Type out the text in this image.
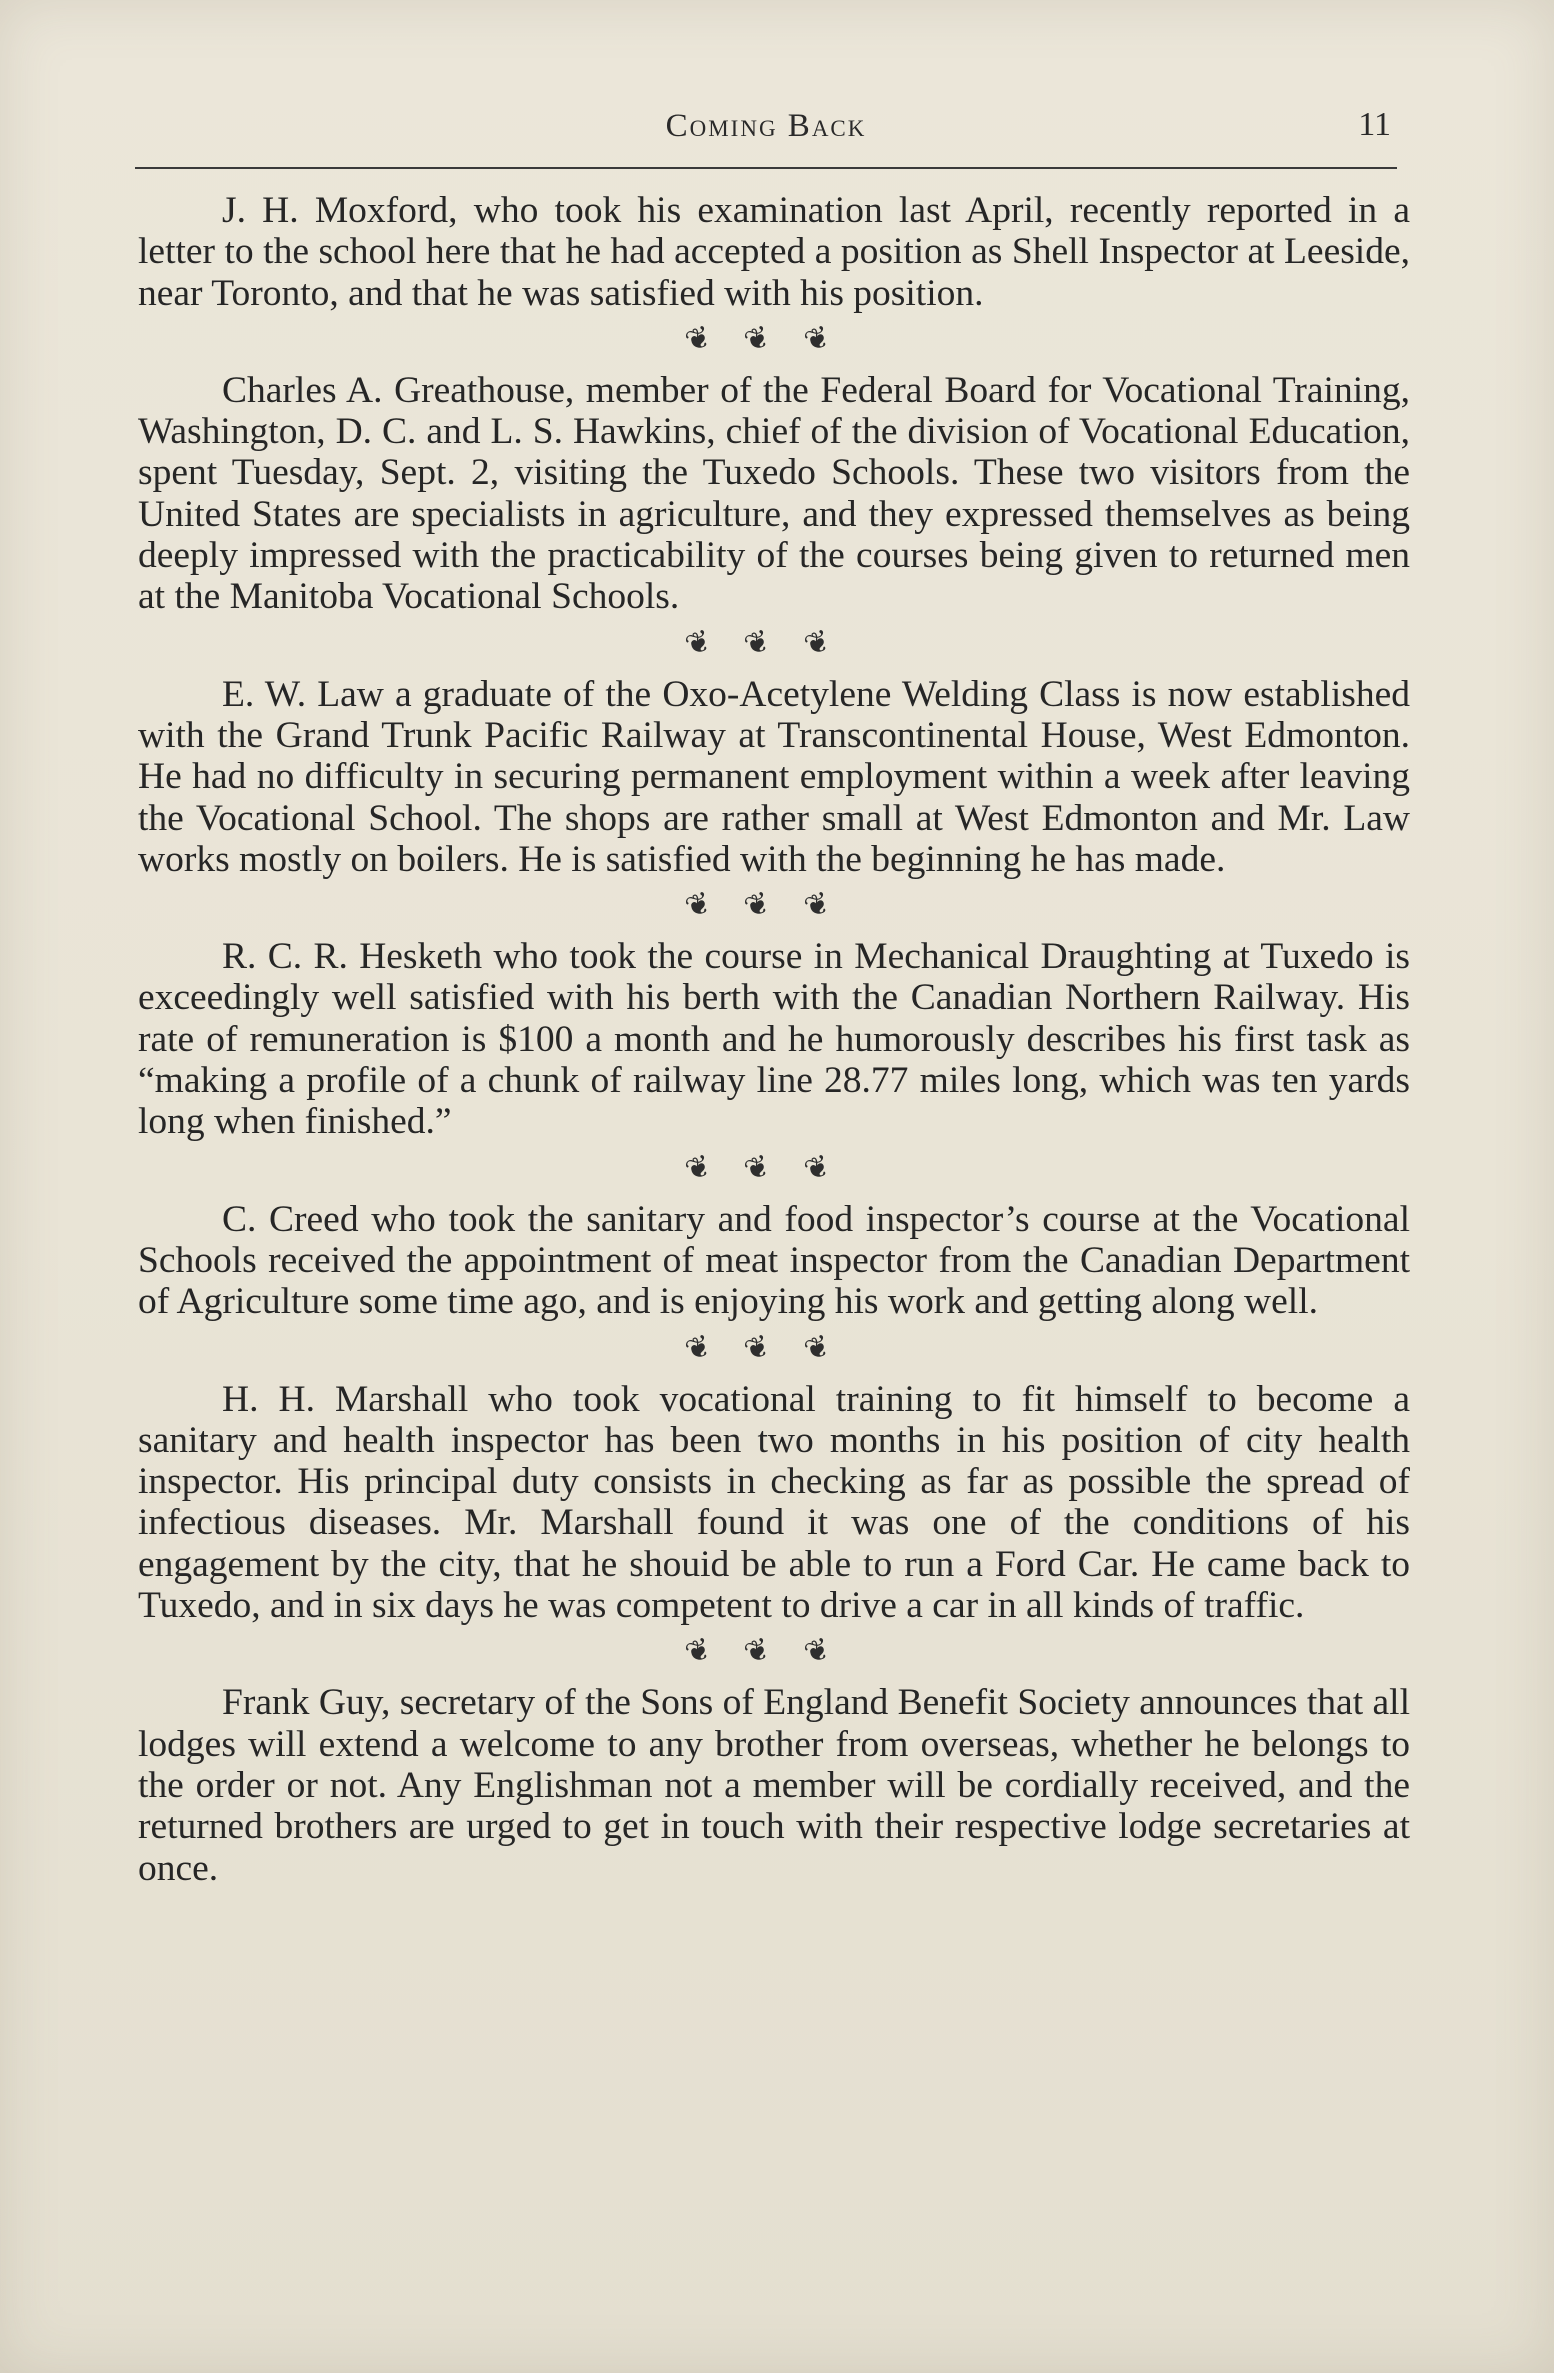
Coming Back	11

J. H. Moxford, who took his examination last April, recently reported in a letter to the school here that he had accepted a position as Shell Inspector at Leeside, near Toronto, and that he was satisfied with his position.

❦❦❦

Charles A. Greathouse, member of the Federal Board for Vocational Training, Washington, D. C. and L. S. Hawkins, chief of the division of Vocational Education, spent Tuesday, Sept. 2, visiting the Tuxedo Schools. These two visitors from the United States are specialists in agriculture, and they expressed themselves as being deeply impressed with the practicability of the courses being given to returned men at the Manitoba Vocational Schools.

❦❦❦

E. W. Law a graduate of the Oxo-Acetylene Welding Class is now established with the Grand Trunk Pacific Railway at Transcontinental House, West Edmonton. He had no difficulty in securing permanent employment within a week after leaving the Vocational School. The shops are rather small at West Edmonton and Mr. Law works mostly on boilers. He is satisfied with the beginning he has made.

❦❦❦

R. C. R. Hesketh who took the course in Mechanical Draughting at Tuxedo is exceedingly well satisfied with his berth with the Canadian Northern Railway. His rate of remuneration is $100 a month and he humorously describes his first task as “making a profile of a chunk of railway line 28.77 miles long, which was ten yards long when finished.”

❦❦❦

C. Creed who took the sanitary and food inspector’s course at the Vocational Schools received the appointment of meat inspector from the Canadian Department of Agriculture some time ago, and is enjoying his work and getting along well.

❦❦❦

H. H. Marshall who took vocational training to fit himself to become a sanitary and health inspector has been two months in his position of city health inspector. His principal duty consists in checking as far as possible the spread of infectious diseases. Mr. Marshall found it was one of the conditions of his engagement by the city, that he shouid be able to run a Ford Car. He came back to Tuxedo, and in six days he was competent to drive a car in all kinds of traffic.

❦❦❦

Frank Guy, secretary of the Sons of England Benefit Society announces that all lodges will extend a welcome to any brother from overseas, whether he belongs to the order or not. Any Englishman not a member will be cordially received, and the returned brothers are urged to get in touch with their respective lodge secretaries at once.
